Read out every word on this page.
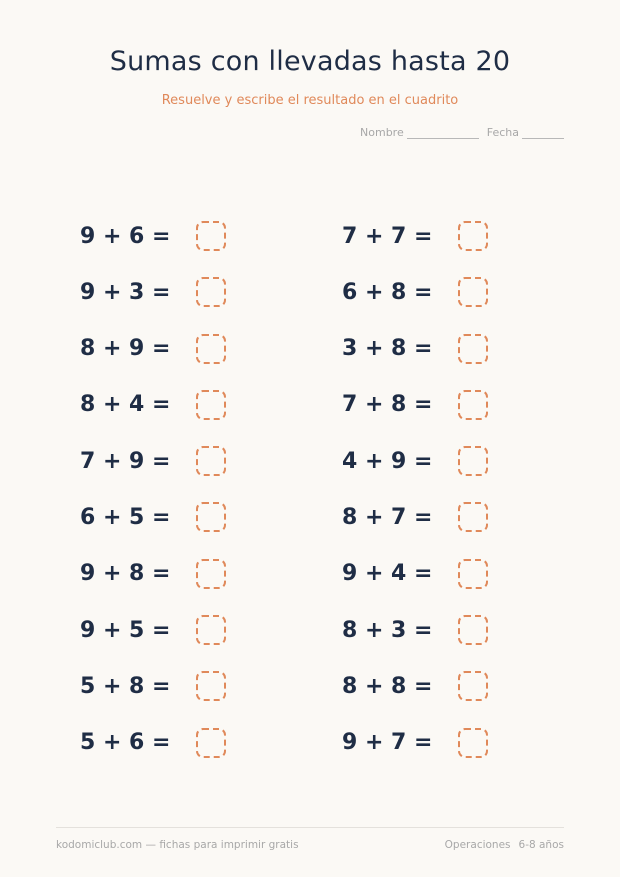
Sumas con llevadas hasta 20
Resuelve y escribe el resultado en el cuadrito
Nombre	Fecha
9 + 6 =	7 + 7 =
9 + 3 =	6 + 8 =
8 + 9 =	3 + 8 =
8 + 4 =	7 + 8 =
7 + 9 =	4 + 9 =
6 + 5 =	8 + 7 =
9 + 8 =	9 + 4 =
9 + 5 =	8 + 3 =
5 + 8 =	8 + 8 =
5 + 6 =	9 + 7 =
kodomiclub.com — fichas para imprimir gratis	Operaciones 6-8 años
